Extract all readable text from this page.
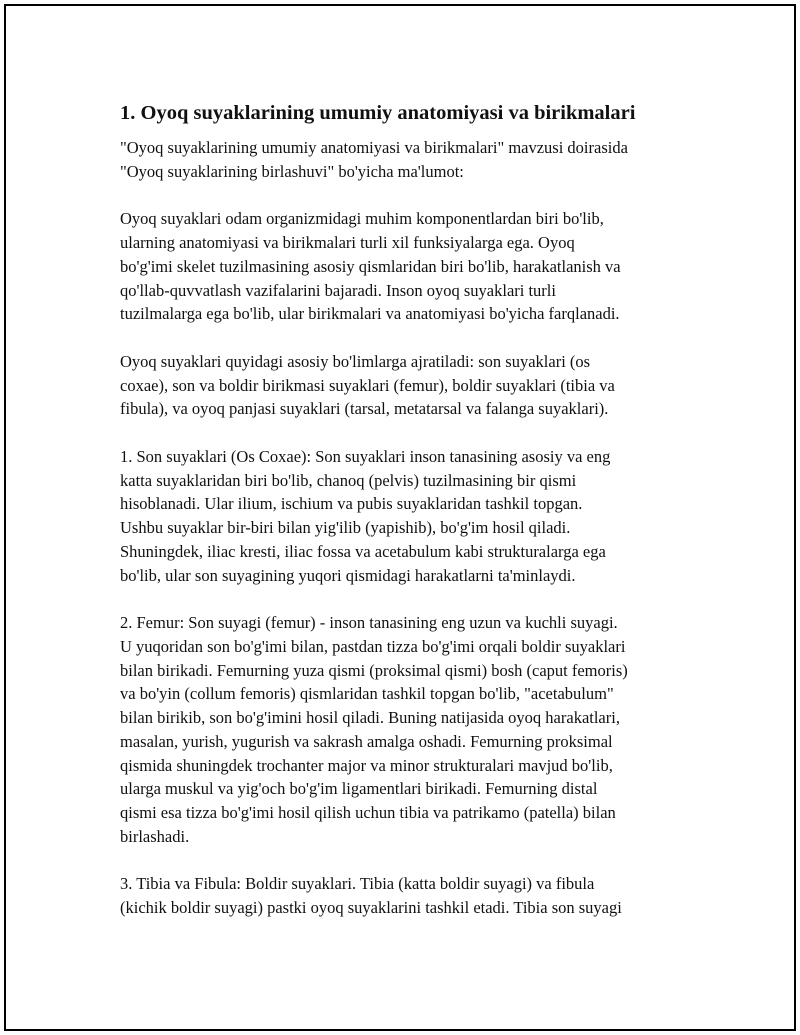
1. Oyoq suyaklarining umumiy anatomiyasi va birikmalari
"Oyoq suyaklarining umumiy anatomiyasi va birikmalari" mavzusi doirasida
"Oyoq suyaklarining birlashuvi" bo'yicha ma'lumot:
Oyoq suyaklari odam organizmidagi muhim komponentlardan biri bo'lib,
ularning anatomiyasi va birikmalari turli xil funksiyalarga ega. Oyoq
bo'g'imi skelet tuzilmasining asosiy qismlaridan biri bo'lib, harakatlanish va
qo'llab-quvvatlash vazifalarini bajaradi. Inson oyoq suyaklari turli
tuzilmalarga ega bo'lib, ular birikmalari va anatomiyasi bo'yicha farqlanadi.
Oyoq suyaklari quyidagi asosiy bo'limlarga ajratiladi: son suyaklari (os
coxae), son va boldir birikmasi suyaklari (femur), boldir suyaklari (tibia va
fibula), va oyoq panjasi suyaklari (tarsal, metatarsal va falanga suyaklari).
1. Son suyaklari (Os Coxae): Son suyaklari inson tanasining asosiy va eng
katta suyaklaridan biri bo'lib, chanoq (pelvis) tuzilmasining bir qismi
hisoblanadi. Ular ilium, ischium va pubis suyaklaridan tashkil topgan.
Ushbu suyaklar bir-biri bilan yig'ilib (yapishib), bo'g'im hosil qiladi.
Shuningdek, iliac kresti, iliac fossa va acetabulum kabi strukturalarga ega
bo'lib, ular son suyagining yuqori qismidagi harakatlarni ta'minlaydi.
2. Femur: Son suyagi (femur) - inson tanasining eng uzun va kuchli suyagi.
U yuqoridan son bo'g'imi bilan, pastdan tizza bo'g'imi orqali boldir suyaklari
bilan birikadi. Femurning yuza qismi (proksimal qismi) bosh (caput femoris)
va bo'yin (collum femoris) qismlaridan tashkil topgan bo'lib, "acetabulum"
bilan birikib, son bo'g'imini hosil qiladi. Buning natijasida oyoq harakatlari,
masalan, yurish, yugurish va sakrash amalga oshadi. Femurning proksimal
qismida shuningdek trochanter major va minor strukturalari mavjud bo'lib,
ularga muskul va yig'och bo'g'im ligamentlari birikadi. Femurning distal
qismi esa tizza bo'g'imi hosil qilish uchun tibia va patrikamo (patella) bilan
birlashadi.
3. Tibia va Fibula: Boldir suyaklari. Tibia (katta boldir suyagi) va fibula
(kichik boldir suyagi) pastki oyoq suyaklarini tashkil etadi. Tibia son suyagi
